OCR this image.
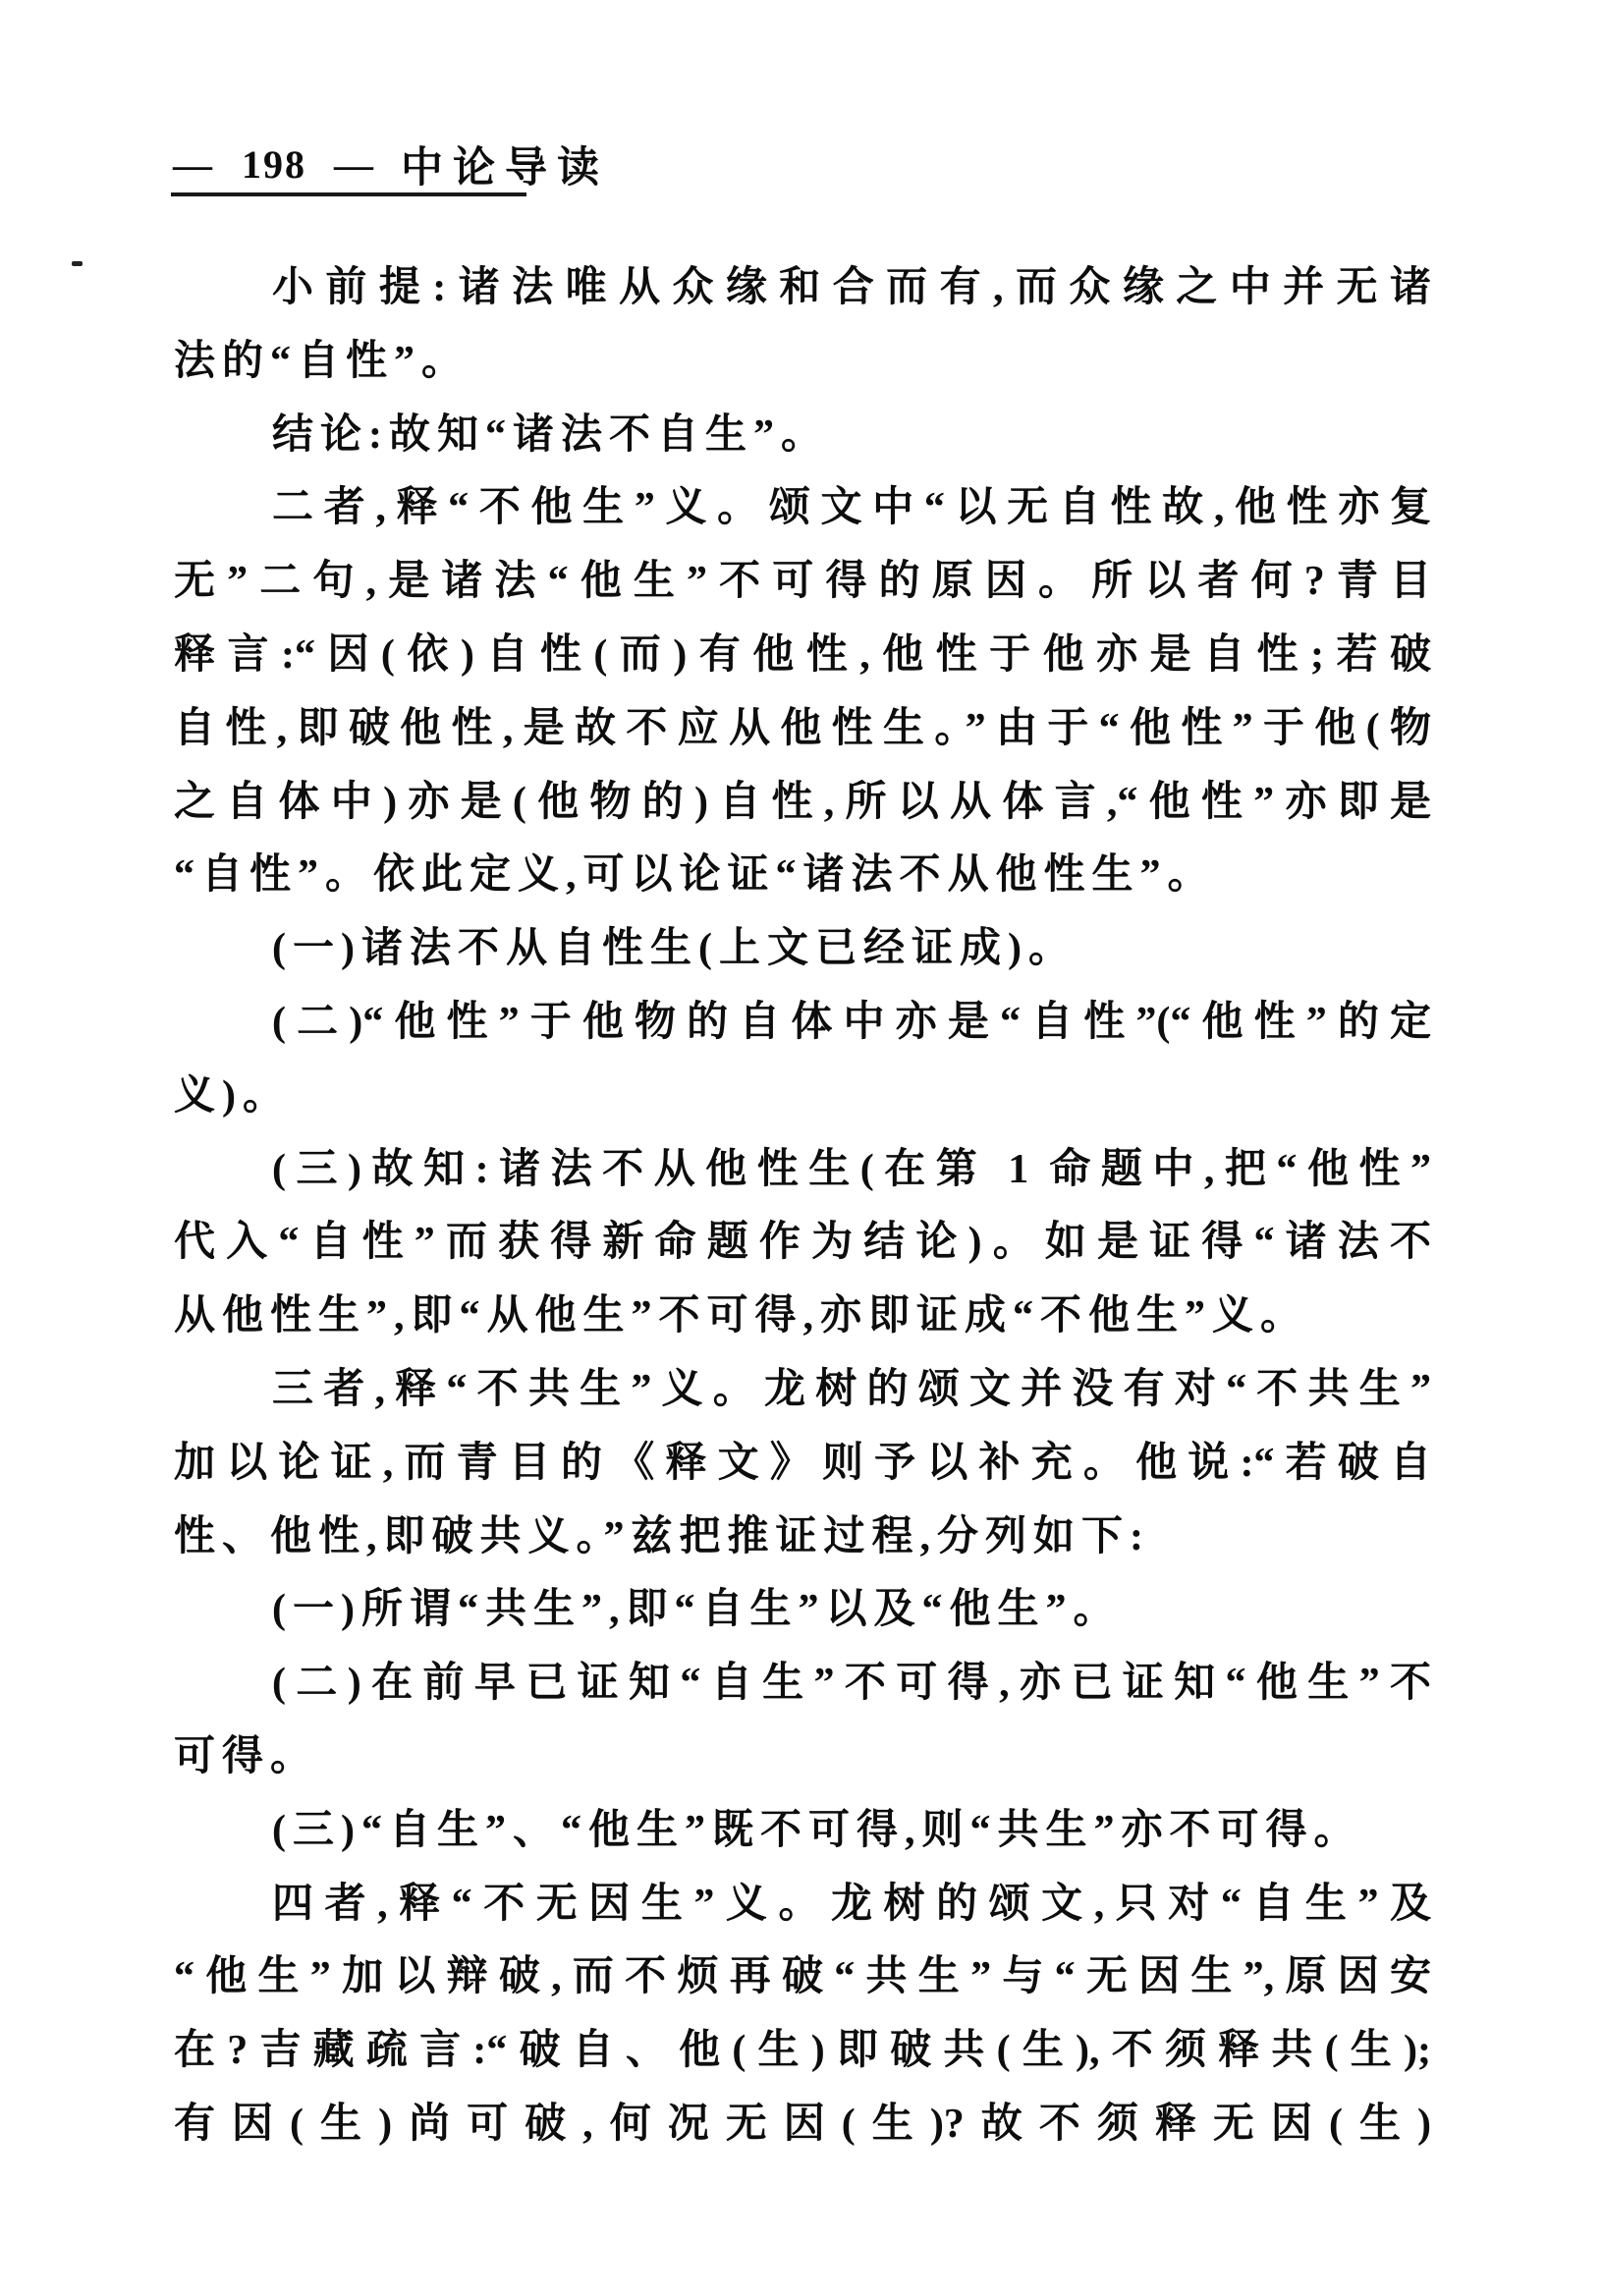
— 198 — 中论导读
小前提:诸法唯从众缘和合而有,而众缘之中并无诸
法的“自性”。
结论:故知“诸法不自生”。
二者,释“不他生”义。颂文中“以无自性故,他性亦复
无”二句,是诸法“他生”不可得的原因。所以者何?青目
释言:“因(依)自性(而)有他性,他性于他亦是自性;若破
自性,即破他性,是故不应从他性生。”由于“他性”于他(物
之自体中)亦是(他物的)自性,所以从体言,“他性”亦即是
“自性”。依此定义,可以论证“诸法不从他性生”。
(一)诸法不从自性生(上文已经证成)。
(二)“他性”于他物的自体中亦是“自性”(“他性”的定
义)。
(三)故知:诸法不从他性生(在第 1 命题中,把“他性”
代入“自性”而获得新命题作为结论)。如是证得“诸法不
从他性生”,即“从他生”不可得,亦即证成“不他生”义。
三者,释“不共生”义。龙树的颂文并没有对“不共生”
加以论证,而青目的《释文》则予以补充。他说:“若破自
性、他性,即破共义。”兹把推证过程,分列如下:
(一)所谓“共生”,即“自生”以及“他生”。
(二)在前早已证知“自生”不可得,亦已证知“他生”不
可得。
(三)“自生”、“他生”既不可得,则“共生”亦不可得。
四者,释“不无因生”义。龙树的颂文,只对“自生”及
“他生”加以辩破,而不烦再破“共生”与“无因生”,原因安
在?吉藏疏言:“破自、他(生)即破共(生),不须释共(生);
有因(生)尚可破,何况无因(生)?故不须释无因(生)
